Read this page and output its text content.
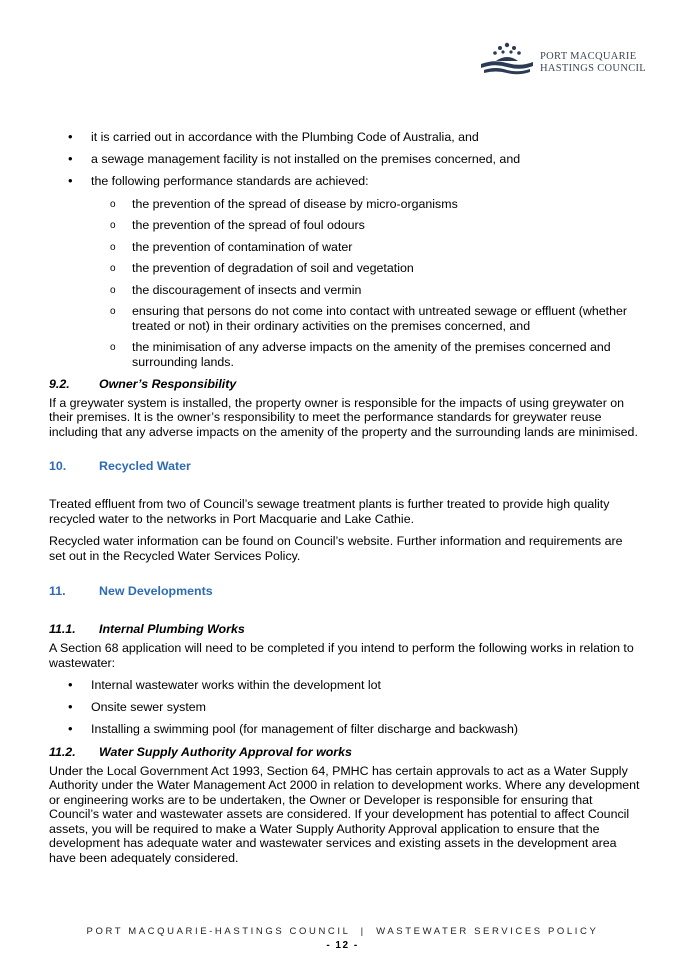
PORT MACQUARIE
HASTINGS COUNCIL
• it is carried out in accordance with the Plumbing Code of Australia, and
• a sewage management facility is not installed on the premises concerned, and
• the following performance standards are achieved:
o the prevention of the spread of disease by micro-organisms
o the prevention of the spread of foul odours
o the prevention of contamination of water
o the prevention of degradation of soil and vegetation
o the discouragement of insects and vermin
o ensuring that persons do not come into contact with untreated sewage or effluent (whether treated or not) in their ordinary activities on the premises concerned, and
o the minimisation of any adverse impacts on the amenity of the premises concerned and surrounding lands.
9.2. Owner’s Responsibility

If a greywater system is installed, the property owner is responsible for the impacts of using greywater on their premises. It is the owner’s responsibility to meet the performance standards for greywater reuse including that any adverse impacts on the amenity of the property and the surrounding lands are minimised.

10.	Recycled Water

Treated effluent from two of Council’s sewage treatment plants is further treated to provide high quality recycled water to the networks in Port Macquarie and Lake Cathie.

Recycled water information can be found on Council’s website. Further information and requirements are set out in the Recycled Water Services Policy.

11.	New Developments
11.1. Internal Plumbing Works

A Section 68 application will need to be completed if you intend to perform the following works in relation to wastewater:

• Internal wastewater works within the development lot
• Onsite sewer system
• Installing a swimming pool (for management of filter discharge and backwash)
11.2. Water Supply Authority Approval for works

Under the Local Government Act 1993, Section 64, PMHC has certain approvals to act as a Water Supply Authority under the Water Management Act 2000 in relation to development works. Where any development or engineering works are to be undertaken, the Owner or Developer is responsible for ensuring that Council’s water and wastewater assets are considered. If your development has potential to affect Council assets, you will be required to make a Water Supply Authority Approval application to ensure that the development has adequate water and wastewater services and existing assets in the development area have been adequately considered.

PORT MACQUARIE-HASTINGS COUNCIL  |  WASTEWATER SERVICES POLICY
- 12 -
